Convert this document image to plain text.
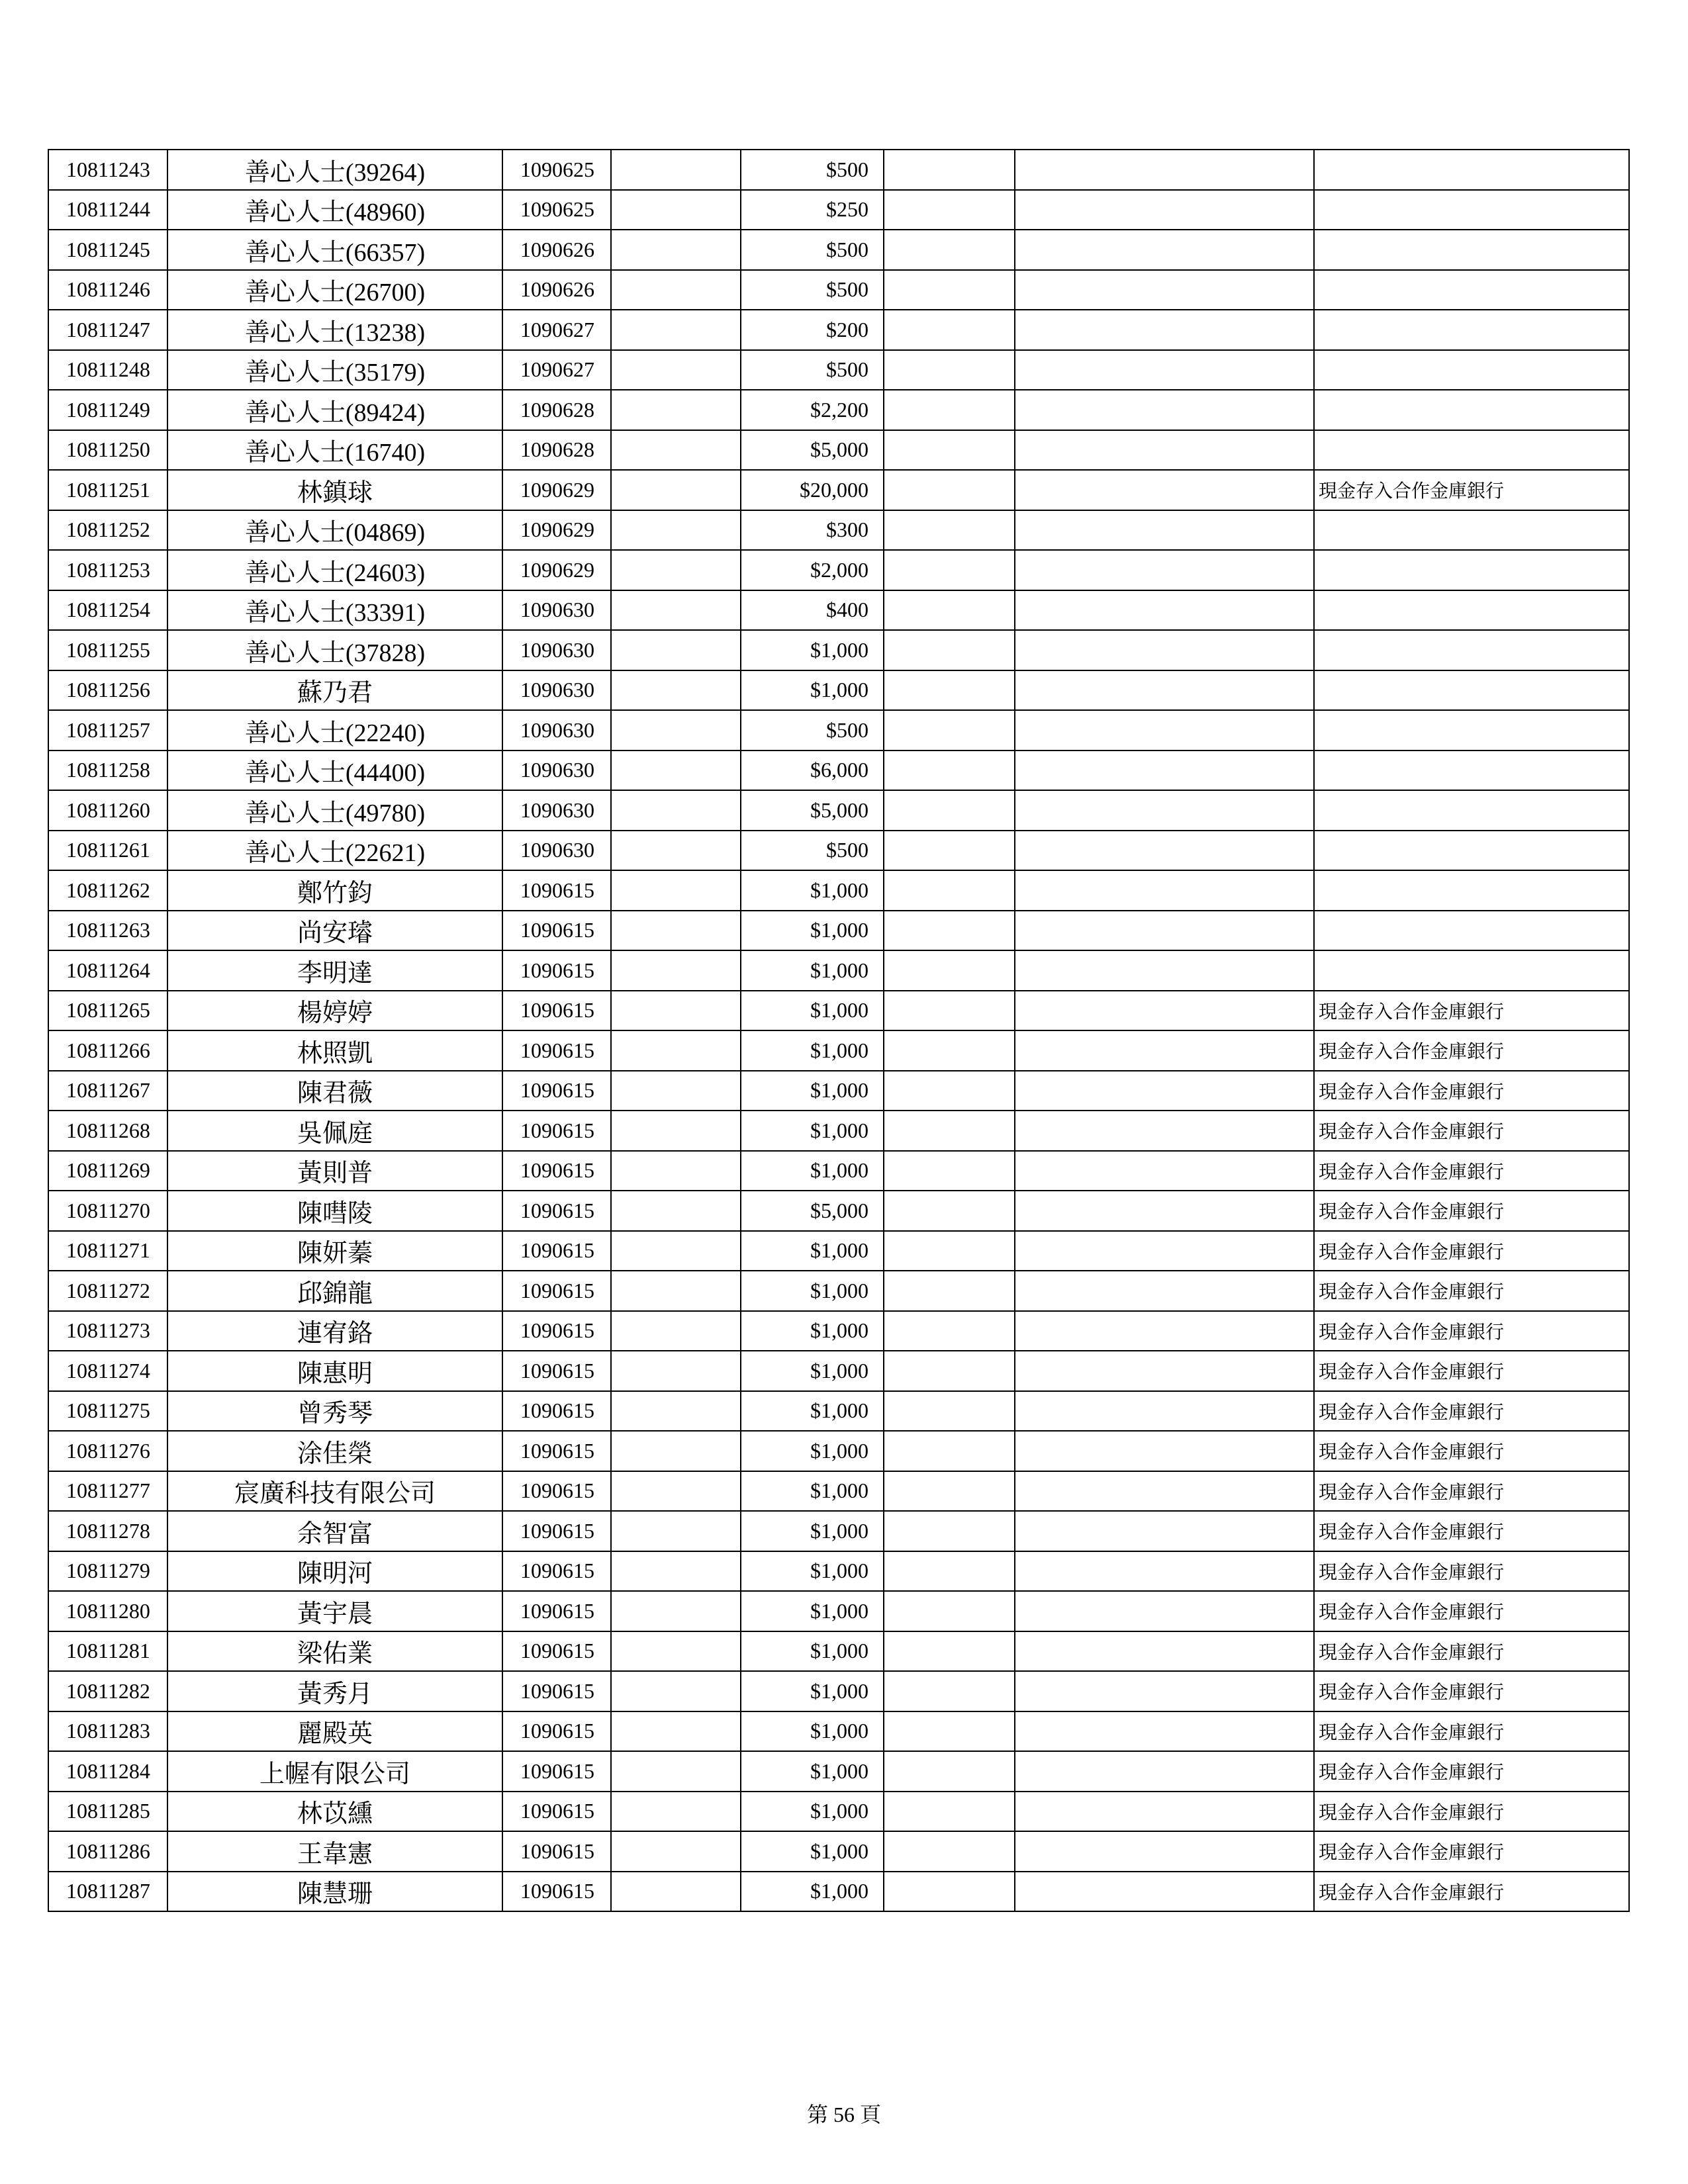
10811243	善心人士(39264)	1090625		$500			
10811244	善心人士(48960)	1090625		$250			
10811245	善心人士(66357)	1090626		$500			
10811246	善心人士(26700)	1090626		$500			
10811247	善心人士(13238)	1090627		$200			
10811248	善心人士(35179)	1090627		$500			
10811249	善心人士(89424)	1090628		$2,200			
10811250	善心人士(16740)	1090628		$5,000			
10811251	林鎮球	1090629		$20,000			現金存入合作金庫銀行
10811252	善心人士(04869)	1090629		$300			
10811253	善心人士(24603)	1090629		$2,000			
10811254	善心人士(33391)	1090630		$400			
10811255	善心人士(37828)	1090630		$1,000			
10811256	蘇乃君	1090630		$1,000			
10811257	善心人士(22240)	1090630		$500			
10811258	善心人士(44400)	1090630		$6,000			
10811260	善心人士(49780)	1090630		$5,000			
10811261	善心人士(22621)	1090630		$500			
10811262	鄭竹鈞	1090615		$1,000			
10811263	尚安璿	1090615		$1,000			
10811264	李明達	1090615		$1,000			
10811265	楊婷婷	1090615		$1,000			現金存入合作金庫銀行
10811266	林照凱	1090615		$1,000			現金存入合作金庫銀行
10811267	陳君薇	1090615		$1,000			現金存入合作金庫銀行
10811268	吳佩庭	1090615		$1,000			現金存入合作金庫銀行
10811269	黃則普	1090615		$1,000			現金存入合作金庫銀行
10811270	陳嘒陵	1090615		$5,000			現金存入合作金庫銀行
10811271	陳妍蓁	1090615		$1,000			現金存入合作金庫銀行
10811272	邱錦龍	1090615		$1,000			現金存入合作金庫銀行
10811273	連宥鉻	1090615		$1,000			現金存入合作金庫銀行
10811274	陳惠明	1090615		$1,000			現金存入合作金庫銀行
10811275	曾秀琴	1090615		$1,000			現金存入合作金庫銀行
10811276	涂佳榮	1090615		$1,000			現金存入合作金庫銀行
10811277	宸廣科技有限公司	1090615		$1,000			現金存入合作金庫銀行
10811278	余智富	1090615		$1,000			現金存入合作金庫銀行
10811279	陳明河	1090615		$1,000			現金存入合作金庫銀行
10811280	黃宇晨	1090615		$1,000			現金存入合作金庫銀行
10811281	梁佑業	1090615		$1,000			現金存入合作金庫銀行
10811282	黃秀月	1090615		$1,000			現金存入合作金庫銀行
10811283	麗殿英	1090615		$1,000			現金存入合作金庫銀行
10811284	上幄有限公司	1090615		$1,000			現金存入合作金庫銀行
10811285	林苡纁	1090615		$1,000			現金存入合作金庫銀行
10811286	王韋憲	1090615		$1,000			現金存入合作金庫銀行
10811287	陳慧珊	1090615		$1,000			現金存入合作金庫銀行
第 56 頁
